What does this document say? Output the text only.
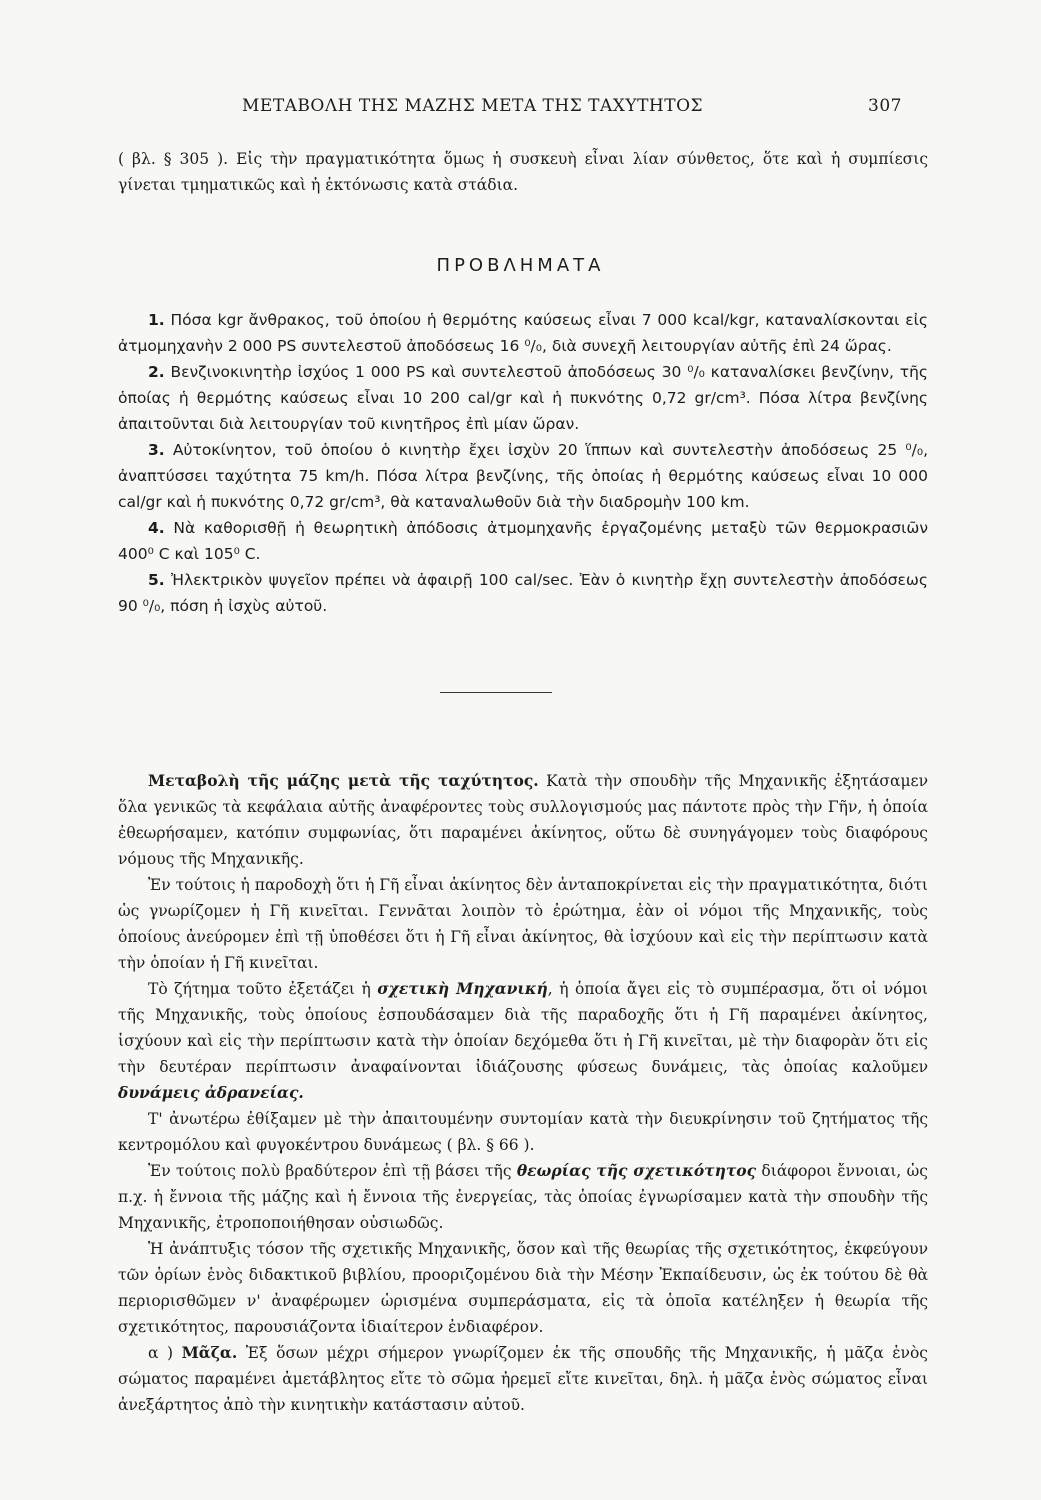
ΜΕΤΑΒΟΛΗ ΤΗΣ ΜΑΖΗΣ ΜΕΤΑ ΤΗΣ ΤΑΧΥΤΗΤΟΣ	307

( βλ. § 305 ). Εἰς τὴν πραγματικότητα ὅμως ἡ συσκευὴ εἶναι λίαν σύνθετος, ὅτε καὶ ἡ συμπίεσις γίνεται τμηματικῶς καὶ ἡ ἐκτόνωσις κατὰ στάδια.

ΠΡΟΒΛΗΜΑΤΑ

1. Πόσα kgr ἄνθρακος, τοῦ ὁποίου ἡ θερμότης καύσεως εἶναι 7 000 kcal/kgr, καταναλίσκονται εἰς ἀτμομηχανὴν 2 000 PS συντελεστοῦ ἀποδόσεως 16 ⁰/₀, διὰ συνεχῆ λειτουργίαν αὐτῆς ἐπὶ 24 ὥρας.

2. Βενζινοκινητὴρ ἰσχύος 1 000 PS καὶ συντελεστοῦ ἀποδόσεως 30 ⁰/₀ καταναλίσκει βενζίνην, τῆς ὁποίας ἡ θερμότης καύσεως εἶναι 10 200 cal/gr καὶ ἡ πυκνότης 0,72 gr/cm³. Πόσα λίτρα βενζίνης ἀπαιτοῦνται διὰ λειτουργίαν τοῦ κινητῆρος ἐπὶ μίαν ὥραν.

3. Αὐτοκίνητον, τοῦ ὁποίου ὁ κινητὴρ ἔχει ἰσχὺν 20 ἵππων καὶ συντελεστὴν ἀποδόσεως 25 ⁰/₀, ἀναπτύσσει ταχύτητα 75 km/h. Πόσα λίτρα βενζίνης, τῆς ὁποίας ἡ θερμότης καύσεως εἶναι 10 000 cal/gr καὶ ἡ πυκνότης 0,72 gr/cm³, θὰ καταναλωθοῦν διὰ τὴν διαδρομὴν 100 km.

4. Νὰ καθορισθῇ ἡ θεωρητικὴ ἀπόδοσις ἀτμομηχανῆς ἐργαζομένης μεταξὺ τῶν θερμοκρασιῶν 400⁰ C καὶ 105⁰ C.

5. Ἠλεκτρικὸν ψυγεῖον πρέπει νὰ ἀφαιρῇ 100 cal/sec. Ἐὰν ὁ κινητὴρ ἔχῃ συντελεστὴν ἀποδόσεως 90 ⁰/₀, πόση ἡ ἰσχὺς αὐτοῦ.

Μεταβολὴ τῆς μάζης μετὰ τῆς ταχύτητος. Κατὰ τὴν σπουδὴν τῆς Μηχανικῆς ἐξητάσαμεν ὅλα γενικῶς τὰ κεφάλαια αὐτῆς ἀναφέροντες τοὺς συλλογισμούς μας πάντοτε πρὸς τὴν Γῆν, ἡ ὁποία ἐθεωρήσαμεν, κατόπιν συμφωνίας, ὅτι παραμένει ἀκίνητος, οὕτω δὲ συνηγάγομεν τοὺς διαφόρους νόμους τῆς Μηχανικῆς.

Ἐν τούτοις ἡ παροδοχὴ ὅτι ἡ Γῆ εἶναι ἀκίνητος δὲν ἀνταποκρίνεται εἰς τὴν πραγματικότητα, διότι ὡς γνωρίζομεν ἡ Γῆ κινεῖται. Γεννᾶται λοιπὸν τὸ ἐρώτημα, ἐὰν οἱ νόμοι τῆς Μηχανικῆς, τοὺς ὁποίους ἀνεύρομεν ἐπὶ τῇ ὑποθέσει ὅτι ἡ Γῆ εἶναι ἀκίνητος, θὰ ἰσχύουν καὶ εἰς τὴν περίπτωσιν κατὰ τὴν ὁποίαν ἡ Γῆ κινεῖται.

Τὸ ζήτημα τοῦτο ἐξετάζει ἡ σχετικὴ Μηχανική, ἡ ὁποία ἄγει εἰς τὸ συμπέρασμα, ὅτι οἱ νόμοι τῆς Μηχανικῆς, τοὺς ὁποίους ἐσπουδάσαμεν διὰ τῆς παραδοχῆς ὅτι ἡ Γῆ παραμένει ἀκίνητος, ἰσχύουν καὶ εἰς τὴν περίπτωσιν κατὰ τὴν ὁποίαν δεχόμεθα ὅτι ἡ Γῆ κινεῖται, μὲ τὴν διαφορὰν ὅτι εἰς τὴν δευτέραν περίπτωσιν ἀναφαίνονται ἰδιάζουσης φύσεως δυνάμεις, τὰς ὁποίας καλοῦμεν δυνάμεις ἀδρανείας.

Τ' ἀνωτέρω ἐθίξαμεν μὲ τὴν ἀπαιτουμένην συντομίαν κατὰ τὴν διευκρίνησιν τοῦ ζητήματος τῆς κεντρομόλου καὶ φυγοκέντρου δυνάμεως ( βλ. § 66 ).

Ἐν τούτοις πολὺ βραδύτερον ἐπὶ τῇ βάσει τῆς θεωρίας τῆς σχετικότητος διάφοροι ἔννοιαι, ὡς π.χ. ἡ ἔννοια τῆς μάζης καὶ ἡ ἔννοια τῆς ἐνεργείας, τὰς ὁποίας ἐγνωρίσαμεν κατὰ τὴν σπουδὴν τῆς Μηχανικῆς, ἐτροποποιήθησαν οὐσιωδῶς.

Ἡ ἀνάπτυξις τόσον τῆς σχετικῆς Μηχανικῆς, ὅσον καὶ τῆς θεωρίας τῆς σχετικότητος, ἐκφεύγουν τῶν ὁρίων ἑνὸς διδακτικοῦ βιβλίου, προοριζομένου διὰ τὴν Μέσην Ἐκπαίδευσιν, ὡς ἐκ τούτου δὲ θὰ περιορισθῶμεν ν' ἀναφέρωμεν ὡρισμένα συμπεράσματα, εἰς τὰ ὁποῖα κατέληξεν ἡ θεωρία τῆς σχετικότητος, παρουσιάζοντα ἰδιαίτερον ἐνδιαφέρον.

α ) Μᾶζα. Ἐξ ὅσων μέχρι σήμερον γνωρίζομεν ἐκ τῆς σπουδῆς τῆς Μηχανικῆς, ἡ μᾶζα ἑνὸς σώματος παραμένει ἀμετάβλητος εἴτε τὸ σῶμα ἠρεμεῖ εἴτε κινεῖται, δηλ. ἡ μᾶζα ἑνὸς σώματος εἶναι ἀνεξάρτητος ἀπὸ τὴν κινητικὴν κατάστασιν αὐτοῦ.
